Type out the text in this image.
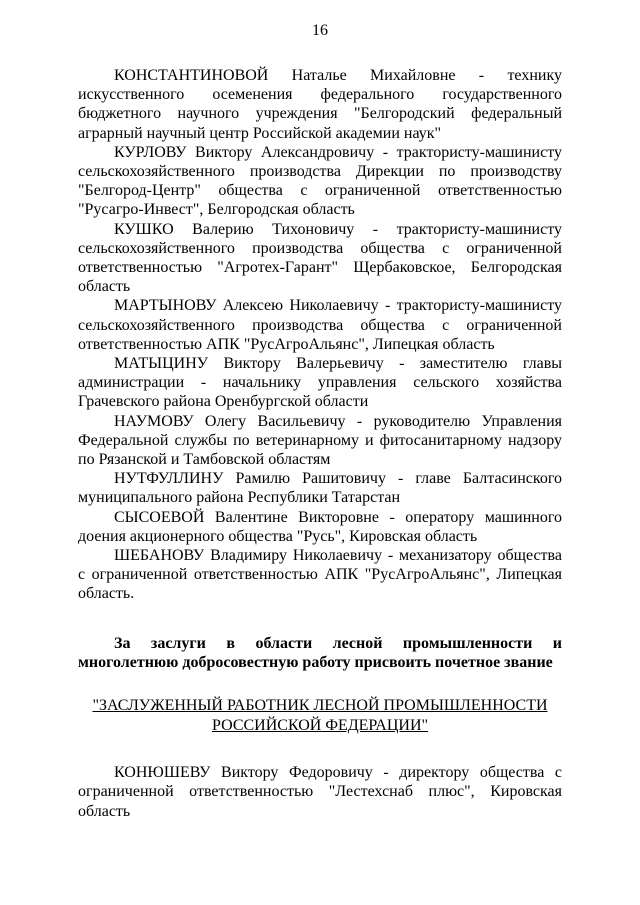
16

КОНСТАНТИНОВОЙ Наталье Михайловне - технику искусственного осеменения федерального государственного бюджетного научного учреждения "Белгородский федеральный аграрный научный центр Российской академии наук"

КУРЛОВУ Виктору Александровичу - трактористу-машинисту сельскохозяйственного производства Дирекции по производству "Белгород-Центр" общества с ограниченной ответственностью "Русагро-Инвест", Белгородская область

КУШКО Валерию Тихоновичу - трактористу-машинисту сельскохозяйственного производства общества с ограниченной ответственностью "Агротех-Гарант" Щербаковское, Белгородская область

МАРТЫНОВУ Алексею Николаевичу - трактористу-машинисту сельскохозяйственного производства общества с ограниченной ответственностью АПК "РусАгроАльянс", Липецкая область

МАТЫЦИНУ Виктору Валерьевичу - заместителю главы администрации - начальнику управления сельского хозяйства Грачевского района Оренбургской области

НАУМОВУ Олегу Васильевичу - руководителю Управления Федеральной службы по ветеринарному и фитосанитарному надзору по Рязанской и Тамбовской областям

НУТФУЛЛИНУ Рамилю Рашитовичу - главе Балтасинского муниципального района Республики Татарстан

СЫСОЕВОЙ Валентине Викторовне - оператору машинного доения акционерного общества "Русь", Кировская область

ШЕБАНОВУ Владимиру Николаевичу - механизатору общества с ограниченной ответственностью АПК "РусАгроАльянс", Липецкая область.

За заслуги в области лесной промышленности и многолетнюю добросовестную работу присвоить почетное звание

"ЗАСЛУЖЕННЫЙ РАБОТНИК ЛЕСНОЙ ПРОМЫШЛЕННОСТИ
РОССИЙСКОЙ ФЕДЕРАЦИИ"

КОНЮШЕВУ Виктору Федоровичу - директору общества с ограниченной ответственностью "Лестехснаб плюс", Кировская область
